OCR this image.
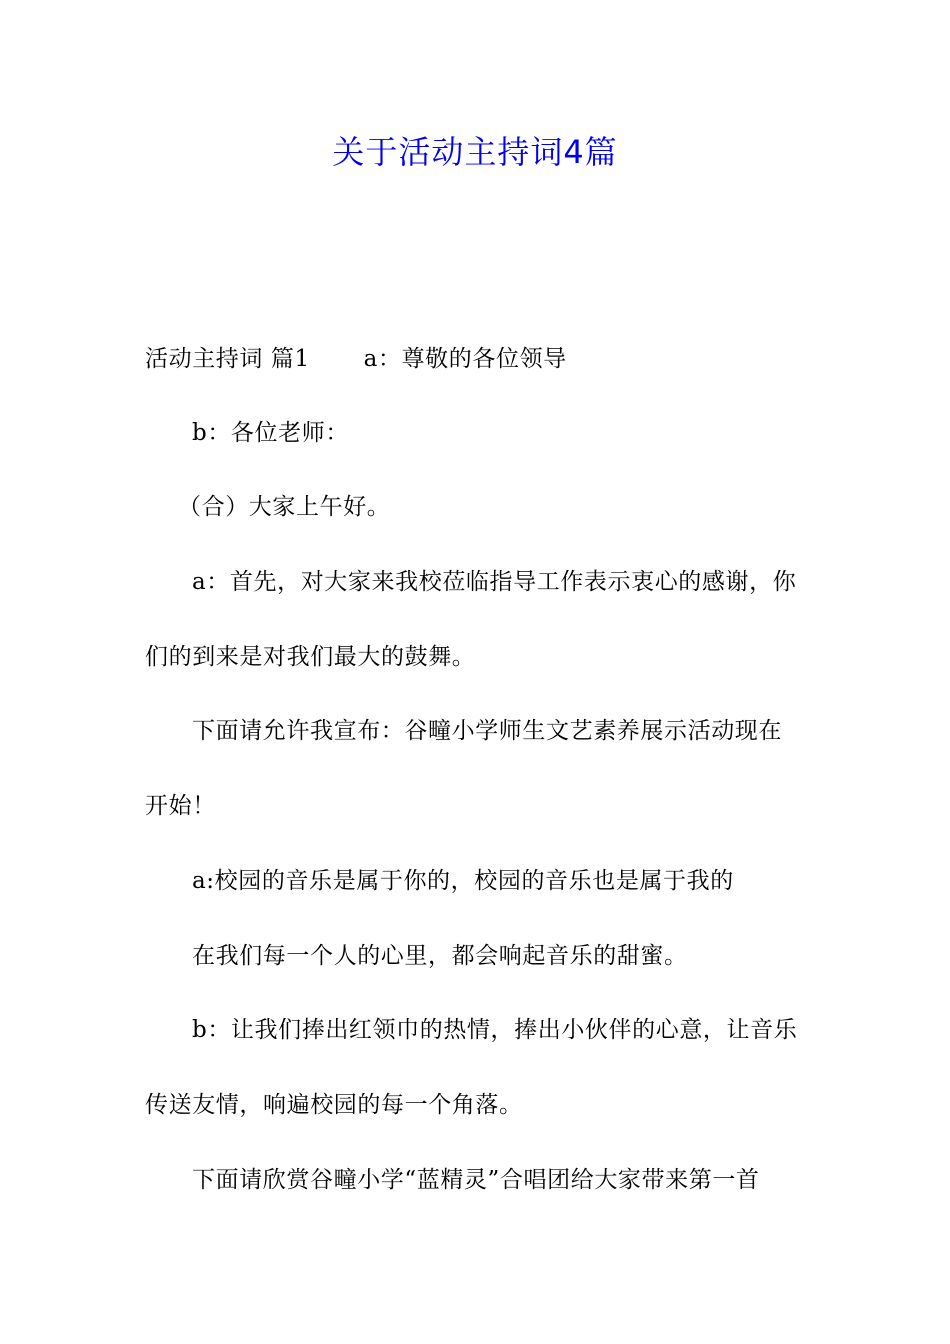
关于活动主持词4篇
活动主持词 篇1 a：尊敬的各位领导
b：各位老师：
（合）大家上午好。
a：首先，对大家来我校莅临指导工作表示衷心的感谢，你
们的到来是对我们最大的鼓舞。
下面请允许我宣布：谷疃小学师生文艺素养展示活动现在
开始！
a:校园的音乐是属于你的，校园的音乐也是属于我的
在我们每一个人的心里，都会响起音乐的甜蜜。
b：让我们捧出红领巾的热情，捧出小伙伴的心意，让音乐
传送友情，响遍校园的每一个角落。
下面请欣赏谷疃小学“蓝精灵”合唱团给大家带来第一首
